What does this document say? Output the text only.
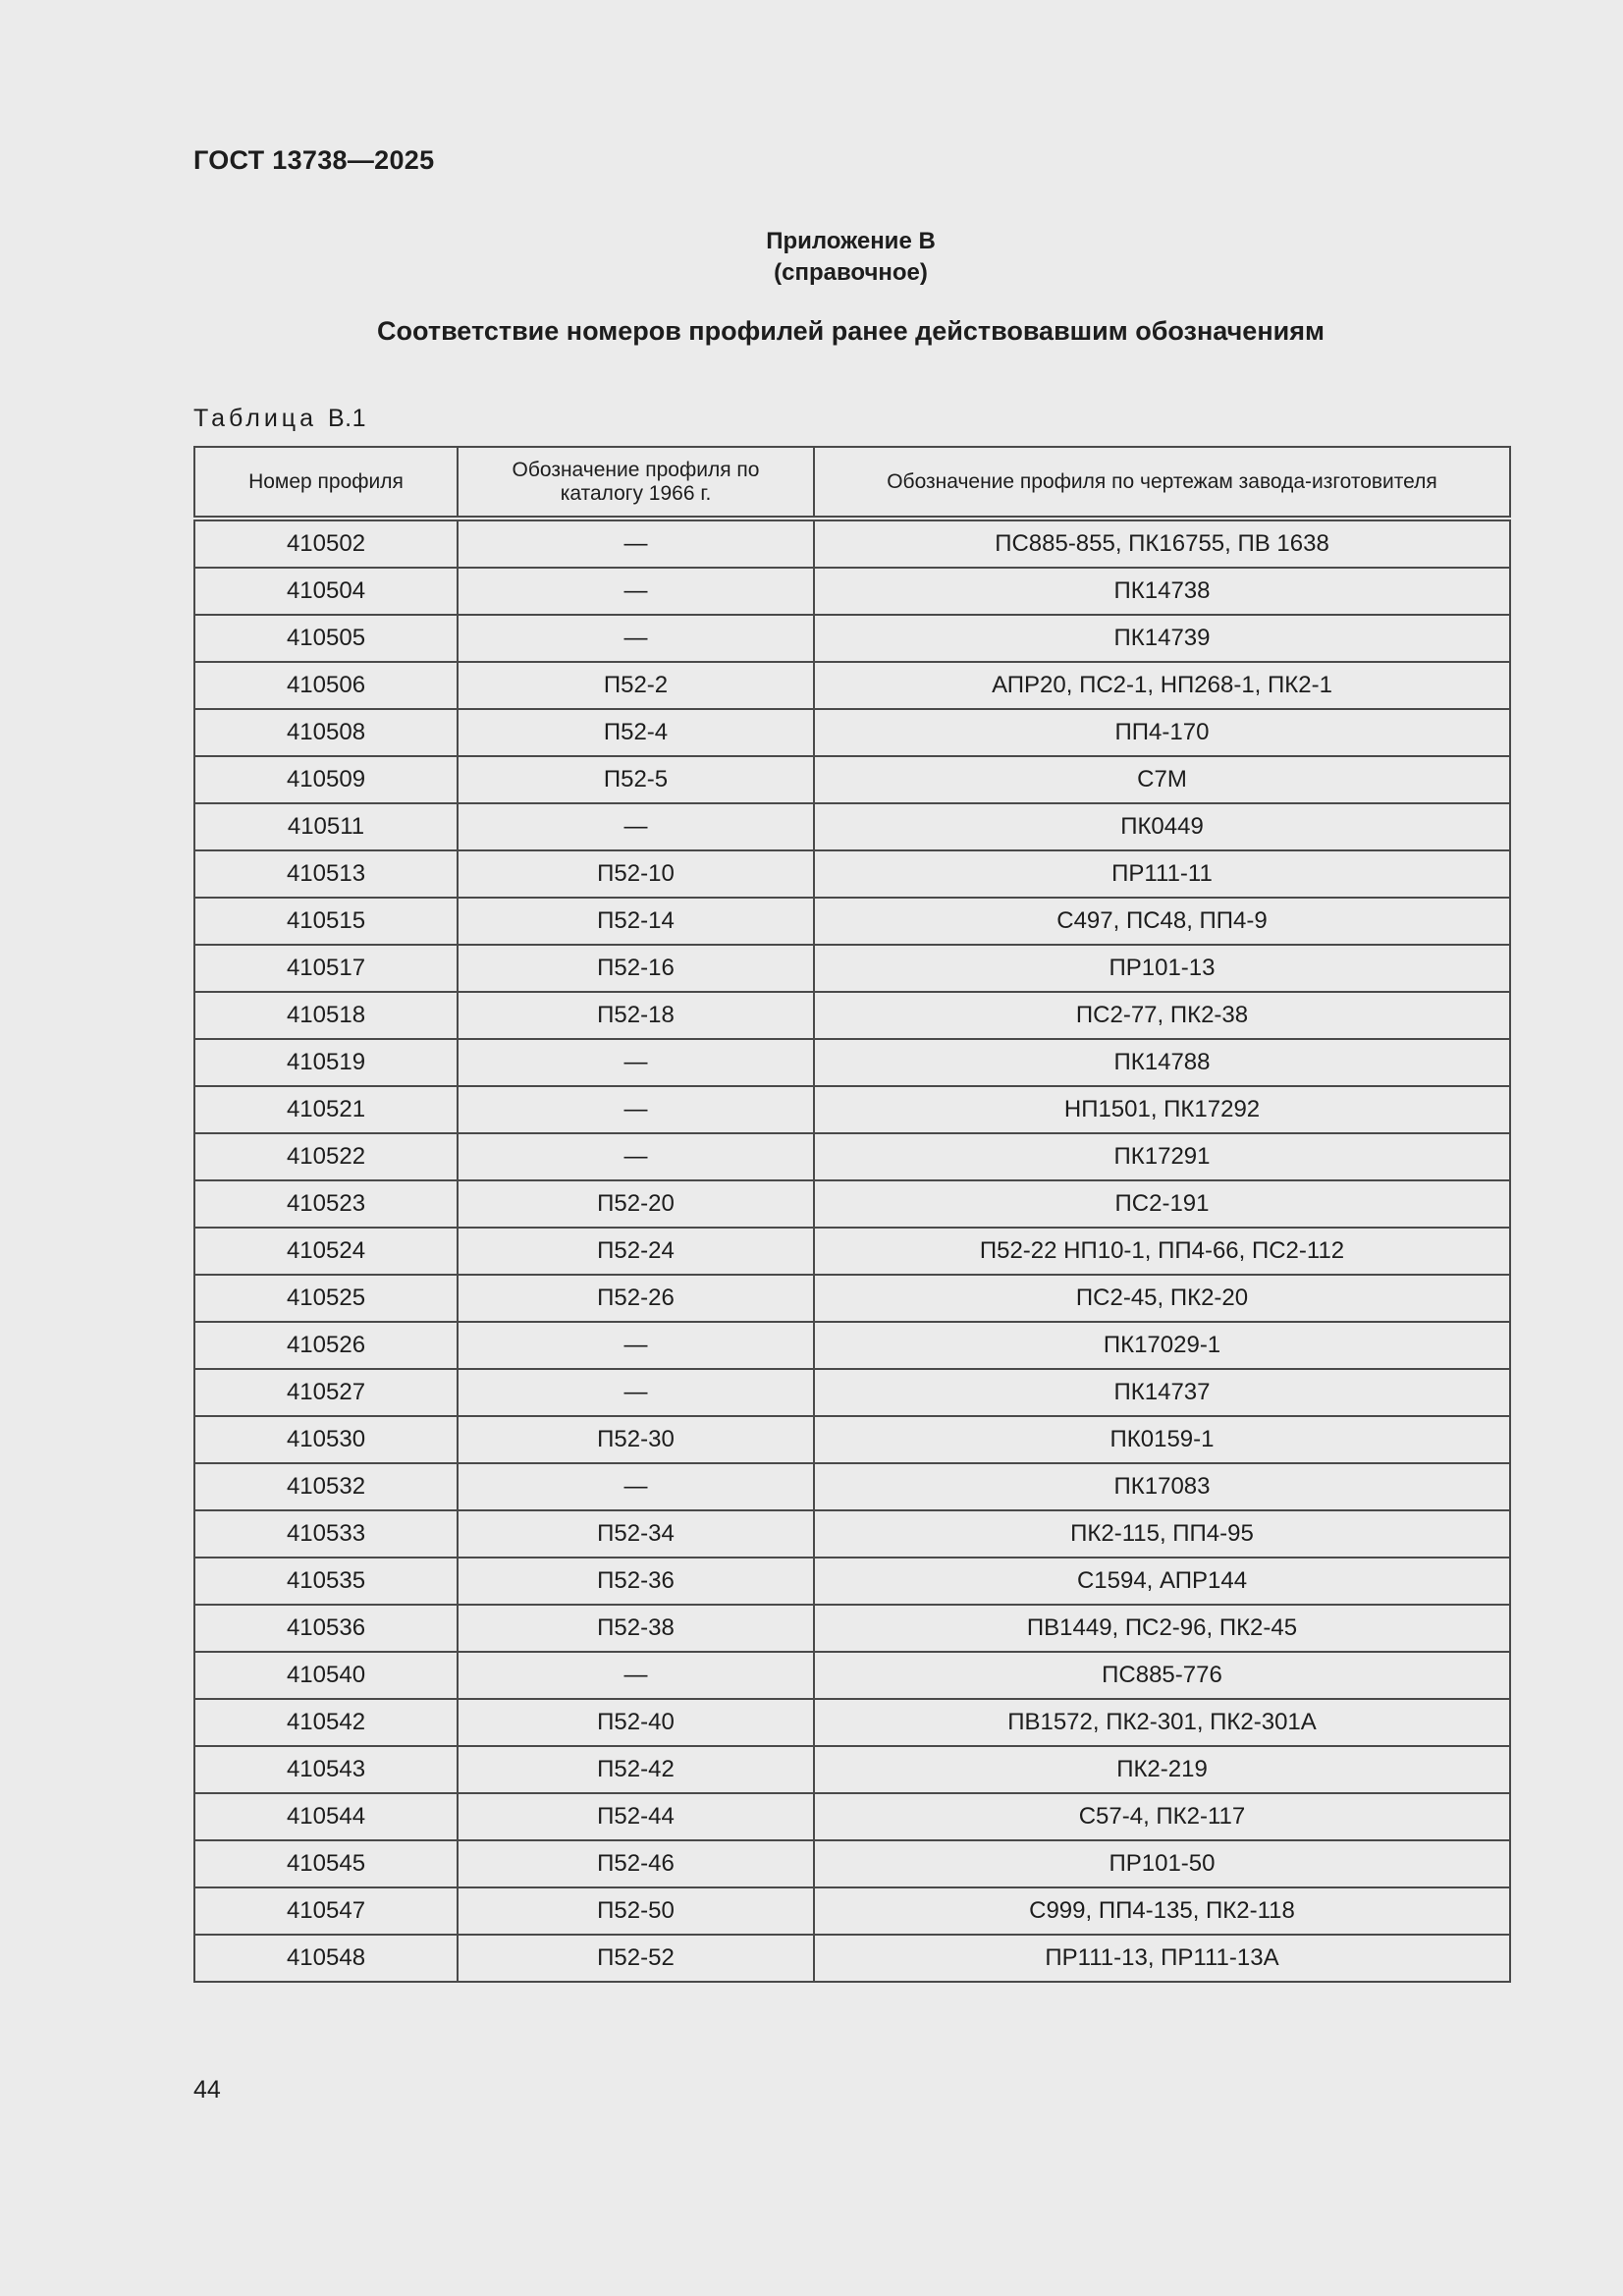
ГОСТ 13738—2025
Приложение В
(справочное)
Соответствие номеров профилей ранее действовавшим обозначениям
Таблица В.1
Номер профиля	Обозначение профиля по каталогу 1966 г.	Обозначение профиля по чертежам завода-изготовителя
410502	—	ПС885-855, ПК16755, ПВ 1638
410504	—	ПК14738
410505	—	ПК14739
410506	П52-2	АПР20, ПС2-1, НП268-1, ПК2-1
410508	П52-4	ПП4-170
410509	П52-5	С7М
410511	—	ПК0449
410513	П52-10	ПР111-11
410515	П52-14	С497, ПС48, ПП4-9
410517	П52-16	ПР101-13
410518	П52-18	ПС2-77, ПК2-38
410519	—	ПК14788
410521	—	НП1501, ПК17292
410522	—	ПК17291
410523	П52-20	ПС2-191
410524	П52-24	П52-22 НП10-1, ПП4-66, ПС2-112
410525	П52-26	ПС2-45, ПК2-20
410526	—	ПК17029-1
410527	—	ПК14737
410530	П52-30	ПК0159-1
410532	—	ПК17083
410533	П52-34	ПК2-115, ПП4-95
410535	П52-36	С1594, АПР144
410536	П52-38	ПВ1449, ПС2-96, ПК2-45
410540	—	ПС885-776
410542	П52-40	ПВ1572, ПК2-301, ПК2-301А
410543	П52-42	ПК2-219
410544	П52-44	С57-4, ПК2-117
410545	П52-46	ПР101-50
410547	П52-50	С999, ПП4-135, ПК2-118
410548	П52-52	ПР111-13, ПР111-13А
44
